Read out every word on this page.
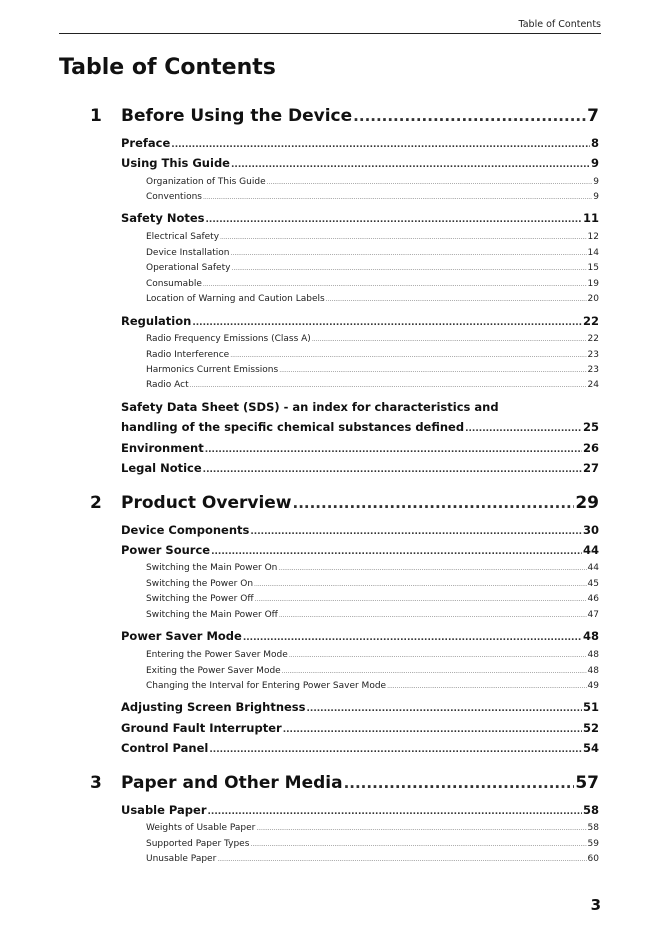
Table of Contents
Table of Contents
1	Before Using the Device .....	7
Preface .....	8
Using This Guide .....	9
Organization of This Guide .....	9
Conventions .....	9
Safety Notes .....	11
Electrical Safety .....	12
Device Installation .....	14
Operational Safety .....	15
Consumable .....	19
Location of Warning and Caution Labels .....	20
Regulation .....	22
Radio Frequency Emissions (Class A) .....	22
Radio Interference .....	23
Harmonics Current Emissions .....	23
Radio Act .....	24
Safety Data Sheet (SDS) - an index for characteristics and
handling of the specific chemical substances defined .....	25
Environment .....	26
Legal Notice .....	27
2	Product Overview .....	29
Device Components .....	30
Power Source .....	44
Switching the Main Power On .....	44
Switching the Power On .....	45
Switching the Power Off .....	46
Switching the Main Power Off .....	47
Power Saver Mode .....	48
Entering the Power Saver Mode .....	48
Exiting the Power Saver Mode .....	48
Changing the Interval for Entering Power Saver Mode .....	49
Adjusting Screen Brightness .....	51
Ground Fault Interrupter .....	52
Control Panel .....	54
3	Paper and Other Media .....	57
Usable Paper .....	58
Weights of Usable Paper .....	58
Supported Paper Types .....	59
Unusable Paper .....	60
3
